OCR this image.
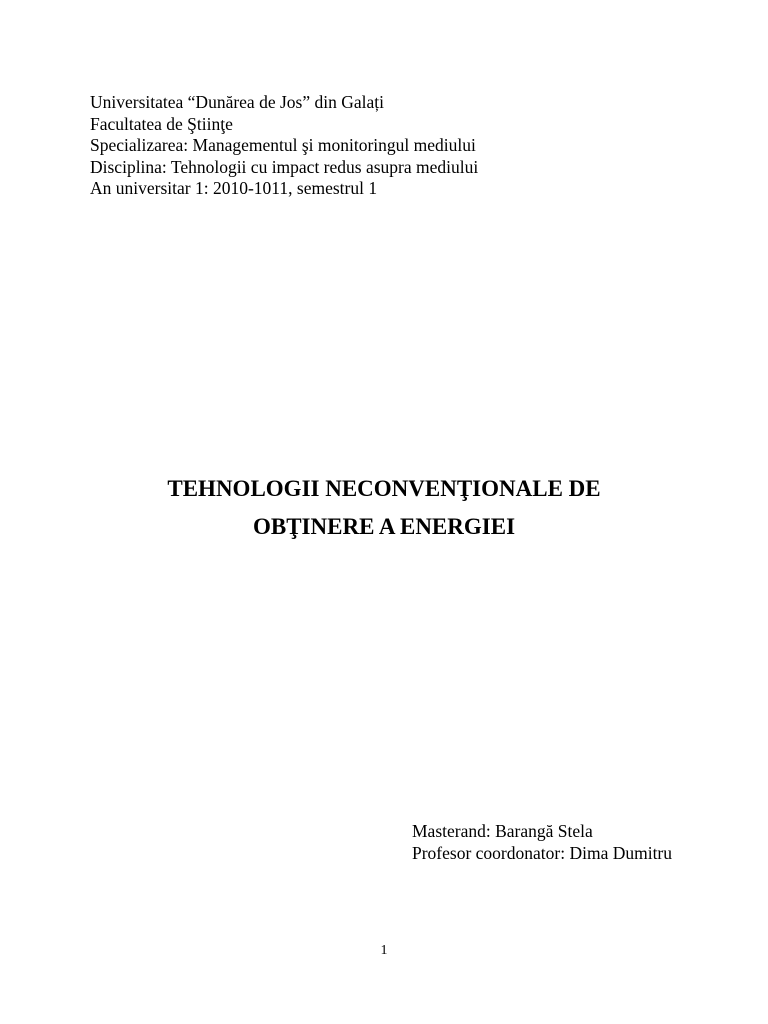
Universitatea “Dunărea de Jos” din Galați
Facultatea de Ştiinţe
Specializarea: Managementul şi monitoringul mediului
Disciplina: Tehnologii cu impact redus asupra mediului
An universitar 1: 2010-1011, semestrul 1
TEHNOLOGII NECONVENŢIONALE DE
OBŢINERE A ENERGIEI
Masterand: Barangă Stela
Profesor coordonator: Dima Dumitru
1
